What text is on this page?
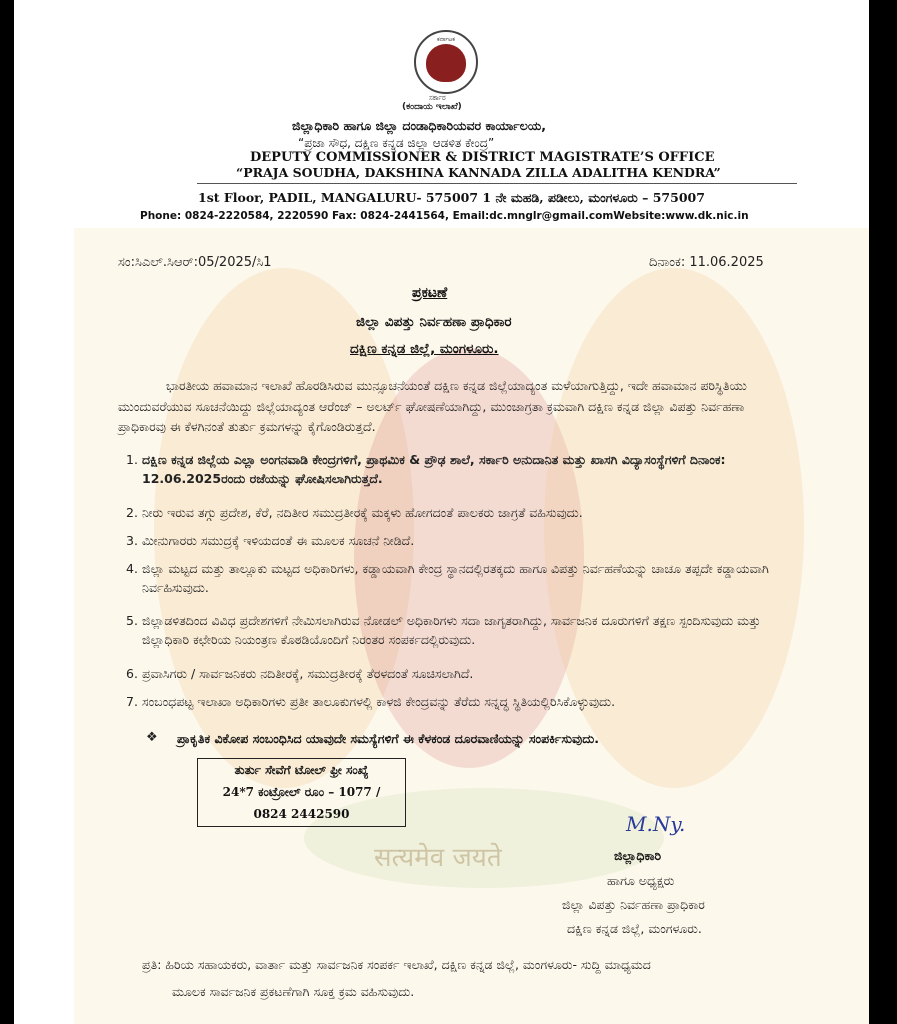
सत्यमेव जयते
ಕರ್ನಾಟಕ
ಸರ್ಕಾರ
(ಕಂದಾಯ ಇಲಾಖೆ)
ಜಿಲ್ಲಾಧಿಕಾರಿ ಹಾಗೂ ಜಿಲ್ಲಾ ದಂಡಾಧಿಕಾರಿಯವರ ಕಾರ್ಯಾಲಯ,
“ಪ್ರಜಾ ಸೌಧ, ದಕ್ಷಿಣ ಕನ್ನಡ ಜಿಲ್ಲಾ ಆಡಳಿತ ಕೇಂದ್ರ”
DEPUTY COMMISSIONER & DISTRICT MAGISTRATE’S OFFICE
“PRAJA SOUDHA, DAKSHINA KANNADA ZILLA ADALITHA KENDRA”
1st Floor, PADIL, MANGALURU- 575007 1 ನೇ ಮಹಡಿ, ಪಡೀಲು, ಮಂಗಳೂರು – 575007
Phone: 0824-2220584, 2220590 Fax: 0824-2441564, Email:dc.mnglr@gmail.comWebsite:www.dk.nic.in
ಸಂ:ಸಿಎಲ್.ಸಿಆರ್:05/2025/ಸಿ1	ದಿನಾಂಕ: 11.06.2025
ಪ್ರಕಟಣೆ
ಜಿಲ್ಲಾ ವಿಪತ್ತು ನಿರ್ವಹಣಾ ಪ್ರಾಧಿಕಾರ
ದಕ್ಷಿಣ ಕನ್ನಡ ಜಿಲ್ಲೆ, ಮಂಗಳೂರು.
ಭಾರತೀಯ ಹವಾಮಾನ ಇಲಾಖೆ ಹೊರಡಿಸಿರುವ ಮುನ್ಸೂಚನೆಯಂತೆ ದಕ್ಷಿಣ ಕನ್ನಡ ಜಿಲ್ಲೆಯಾದ್ಯಂತ ಮಳೆಯಾಗುತ್ತಿದ್ದು, ಇದೇ ಹವಾಮಾನ ಪರಿಸ್ಥಿತಿಯು ಮುಂದುವರೆಯುವ ಸೂಚನೆಯಿದ್ದು ಜಿಲ್ಲೆಯಾದ್ಯಂತ ಆರೆಂಜ್ – ಅಲರ್ಟ್ ಘೋಷಣೆಯಾಗಿದ್ದು, ಮುಂಜಾಗ್ರತಾ ಕ್ರಮವಾಗಿ ದಕ್ಷಿಣ ಕನ್ನಡ ಜಿಲ್ಲಾ ವಿಪತ್ತು ನಿರ್ವಹಣಾ ಪ್ರಾಧಿಕಾರವು ಈ ಕೆಳಗಿನಂತೆ ತುರ್ತು ಕ್ರಮಗಳನ್ನು ಕೈಗೊಂಡಿರುತ್ತದೆ.
1. ದಕ್ಷಿಣ ಕನ್ನಡ ಜಿಲ್ಲೆಯ ಎಲ್ಲಾ ಅಂಗನವಾಡಿ ಕೇಂದ್ರಗಳಿಗೆ, ಪ್ರಾಥಮಿಕ & ಪ್ರೌಢ ಶಾಲೆ, ಸರ್ಕಾರಿ ಅನುದಾನಿತ ಮತ್ತು ಖಾಸಗಿ ವಿದ್ಯಾಸಂಸ್ಥೆಗಳಿಗೆ ದಿನಾಂಕ: 12.06.2025ರಂದು ರಜೆಯನ್ನು ಘೋಷಿಸಲಾಗಿರುತ್ತದೆ.
2. ನೀರು ಇರುವ ತಗ್ಗು ಪ್ರದೇಶ, ಕೆರೆ, ನದಿತೀರ ಸಮುದ್ರತೀರಕ್ಕೆ ಮಕ್ಕಳು ಹೋಗದಂತೆ ಪಾಲಕರು ಜಾಗ್ರತೆ ವಹಿಸುವುದು.
3. ಮೀನುಗಾರರು ಸಮುದ್ರಕ್ಕೆ ಇಳಿಯದಂತೆ ಈ ಮೂಲಕ ಸೂಚನೆ ನೀಡಿದೆ.
4. ಜಿಲ್ಲಾ ಮಟ್ಟದ ಮತ್ತು ತಾಲ್ಲೂಕು ಮಟ್ಟದ ಅಧಿಕಾರಿಗಳು, ಕಡ್ಡಾಯವಾಗಿ ಕೇಂದ್ರ ಸ್ಥಾನದಲ್ಲಿರತಕ್ಕದು ಹಾಗೂ ವಿಪತ್ತು ನಿರ್ವಹಣೆಯನ್ನು ಚಾಚೂ ತಪ್ಪದೇ ಕಡ್ಡಾಯವಾಗಿ ನಿರ್ವಹಿಸುವುದು.
5. ಜಿಲ್ಲಾಡಳಿತದಿಂದ ವಿವಿಧ ಪ್ರದೇಶಗಳಿಗೆ ನೇಮಿಸಲಾಗಿರುವ ನೋಡಲ್ ಅಧಿಕಾರಿಗಳು ಸದಾ ಜಾಗೃತರಾಗಿದ್ದು, ಸಾರ್ವಜನಿಕ ದೂರುಗಳಿಗೆ ತಕ್ಷಣ ಸ್ಪಂದಿಸುವುದು ಮತ್ತು ಜಿಲ್ಲಾಧಿಕಾರಿ ಕಛೇರಿಯ ನಿಯಂತ್ರಣ ಕೊಠಡಿಯೊಂದಿಗೆ ನಿರಂತರ ಸಂಪರ್ಕದಲ್ಲಿರುವುದು.
6. ಪ್ರವಾಸಿಗರು / ಸಾರ್ವಜನಿಕರು ನದಿತೀರಕ್ಕೆ, ಸಮುದ್ರತೀರಕ್ಕೆ ತೆರಳದಂತೆ ಸೂಚಿಸಲಾಗಿದೆ.
7. ಸಂಬಂಧಪಟ್ಟ ಇಲಾಖಾ ಅಧಿಕಾರಿಗಳು ಪ್ರತೀ ತಾಲೂಕುಗಳಲ್ಲಿ ಕಾಳಜಿ ಕೇಂದ್ರವನ್ನು ತೆರೆದು ಸನ್ನದ್ಧ ಸ್ಥಿತಿಯಲ್ಲಿರಿಸಿಕೊಳ್ಳುವುದು.
❖ ಪ್ರಾಕೃತಿಕ ವಿಕೋಪ ಸಂಬಂಧಿಸಿದ ಯಾವುದೇ ಸಮಸ್ಯೆಗಳಿಗೆ ಈ ಕೆಳಕಂಡ ದೂರವಾಣಿಯನ್ನು ಸಂಪರ್ಕಿಸುವುದು.
ತುರ್ತು ಸೇವೆಗೆ ಟೋಲ್ ಫ್ರೀ ಸಂಖ್ಯೆ
24*7 ಕಂಟ್ರೋಲ್ ರೂಂ – 1077 /
0824 2442590	M.Ny.
ಜಿಲ್ಲಾಧಿಕಾರಿ
ಹಾಗೂ ಅಧ್ಯಕ್ಷರು
ಜಿಲ್ಲಾ ವಿಪತ್ತು ನಿರ್ವಹಣಾ ಪ್ರಾಧಿಕಾರ
ದಕ್ಷಿಣ ಕನ್ನಡ ಜಿಲ್ಲೆ, ಮಂಗಳೂರು.
ಪ್ರತಿ: ಹಿರಿಯ ಸಹಾಯಕರು, ವಾರ್ತಾ ಮತ್ತು ಸಾರ್ವಜನಿಕ ಸಂಪರ್ಕ ಇಲಾಖೆ, ದಕ್ಷಿಣ ಕನ್ನಡ ಜಿಲ್ಲೆ, ಮಂಗಳೂರು- ಸುದ್ದಿ ಮಾಧ್ಯಮದ
ಮೂಲಕ ಸಾರ್ವಜನಿಕ ಪ್ರಕಟಣೆಗಾಗಿ ಸೂಕ್ತ ಕ್ರಮ ವಹಿಸುವುದು.
